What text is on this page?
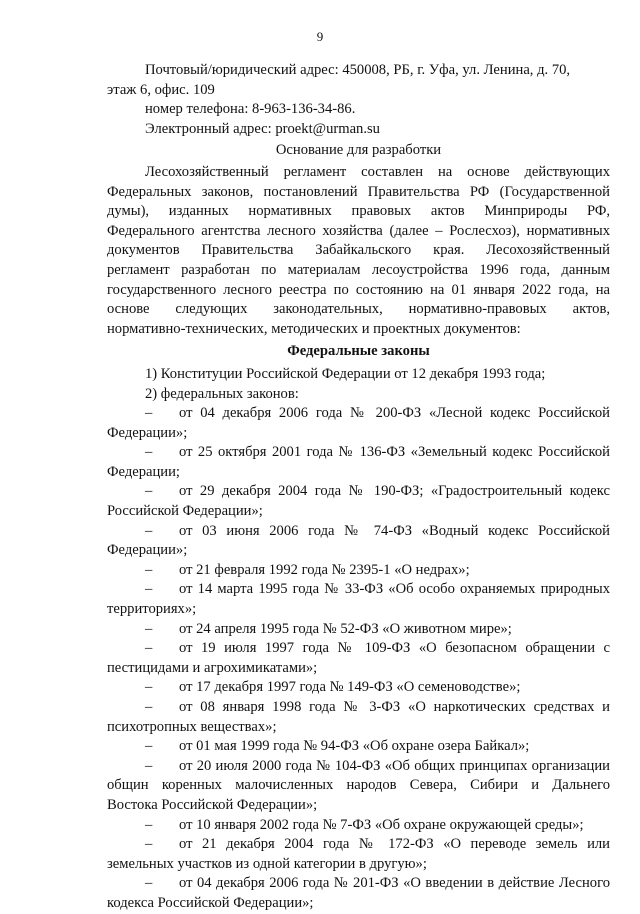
9
Почтовый/юридический адрес: 450008, РБ, г. Уфа, ул. Ленина, д. 70,
этаж 6, офис. 109
номер телефона: 8-963-136-34-86.
Электронный адрес: proekt@urman.su
Основание для разработки
Лесохозяйственный регламент составлен на основе действующих
Федеральных законов, постановлений Правительства РФ (Государственной
думы), изданных нормативных правовых актов Минприроды РФ,
Федерального агентства лесного хозяйства (далее – Рослесхоз), нормативных
документов Правительства Забайкальского края. Лесохозяйственный
регламент разработан по материалам лесоустройства 1996 года, данным
государственного лесного реестра по состоянию на 01 января 2022 года, на
основе следующих законодательных, нормативно-правовых актов,
нормативно-технических, методических и проектных документов:
Федеральные законы
1) Конституции Российской Федерации от 12 декабря 1993 года;
2) федеральных законов:
– от 04 декабря 2006 года № 200-ФЗ «Лесной кодекс Российской
Федерации»;
– от 25 октября 2001 года № 136-ФЗ «Земельный кодекс Российской
Федерации;
– от 29 декабря 2004 года № 190-ФЗ; «Градостроительный кодекс
Российской Федерации»;
– от 03 июня 2006 года № 74-ФЗ «Водный кодекс Российской
Федерации»;
– от 21 февраля 1992 года № 2395-1 «О недрах»;
– от 14 марта 1995 года № 33-ФЗ «Об особо охраняемых природных
территориях»;
– от 24 апреля 1995 года № 52-ФЗ «О животном мире»;
– от 19 июля 1997 года № 109-ФЗ «О безопасном обращении с
пестицидами и агрохимикатами»;
– от 17 декабря 1997 года № 149-ФЗ «О семеноводстве»;
– от 08 января 1998 года № 3-ФЗ «О наркотических средствах и
психотропных веществах»;
– от 01 мая 1999 года № 94-ФЗ «Об охране озера Байкал»;
– от 20 июля 2000 года № 104-ФЗ «Об общих принципах организации
общин коренных малочисленных народов Севера, Сибири и Дальнего
Востока Российской Федерации»;
– от 10 января 2002 года № 7-ФЗ «Об охране окружающей среды»;
– от 21 декабря 2004 года № 172-ФЗ «О переводе земель или
земельных участков из одной категории в другую»;
– от 04 декабря 2006 года № 201-ФЗ «О введении в действие Лесного
кодекса Российской Федерации»;
